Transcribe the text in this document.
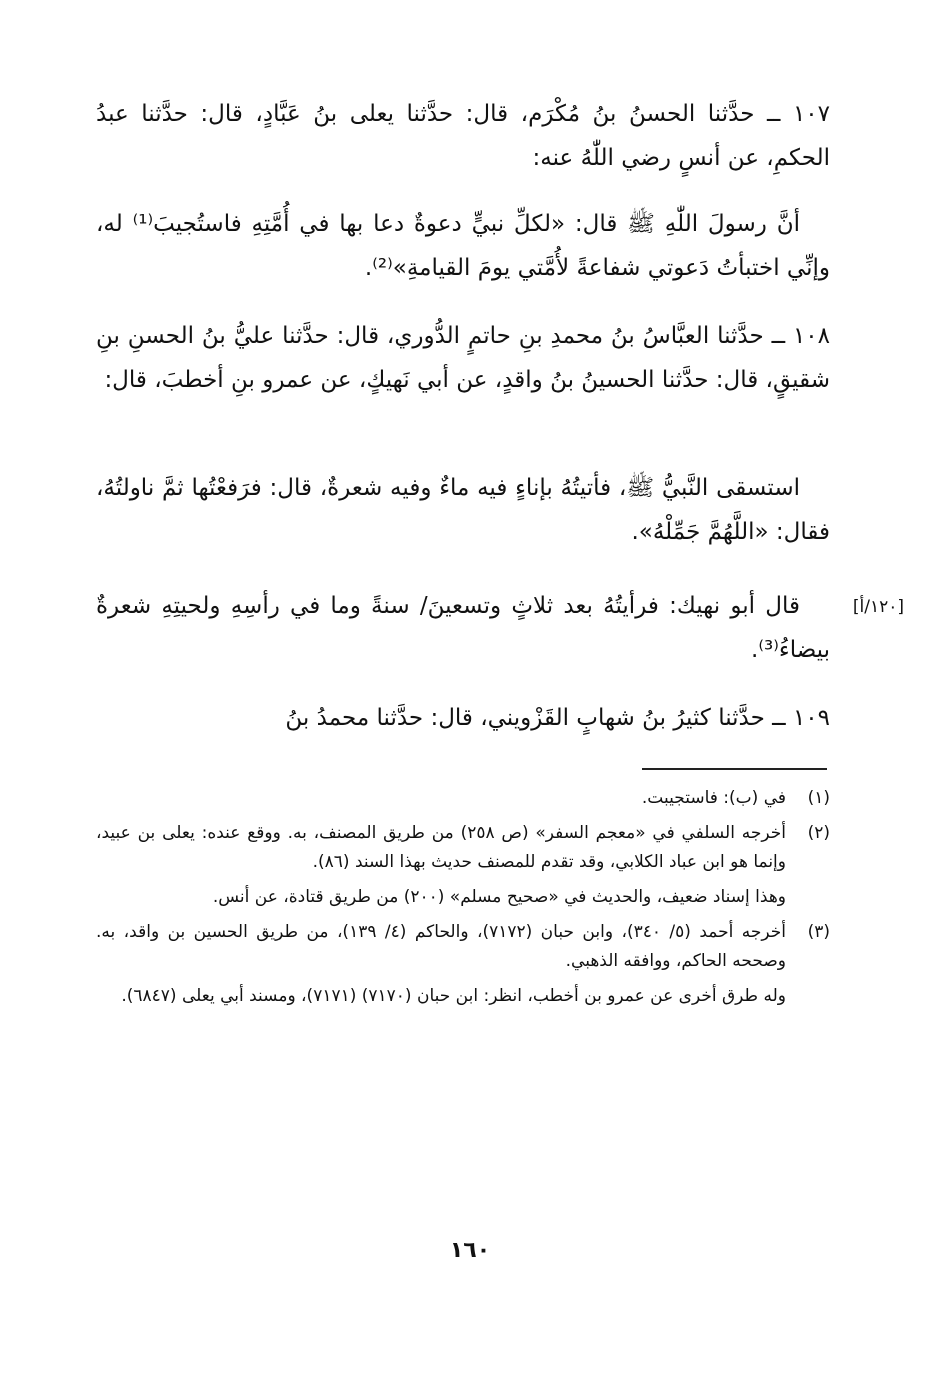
١٠٧ ــ حدَّثنا الحسنُ بنُ مُكْرَم، قال: حدَّثنا يعلى بنُ عَبَّادٍ، قال: حدَّثنا عبدُ الحكمِ، عن أنسٍ رضي اللّٰهُ عنه:

أنَّ رسولَ اللّٰهِ ﷺ قال: «لكلِّ نبيٍّ دعوةٌ دعا بها في أُمَّتِهِ فاستُجيبَ⁽¹⁾ له، وإنِّي اختبأتُ دَعوتي شفاعةً لأُمَّتي يومَ القيامةِ»⁽²⁾.

١٠٨ ــ حدَّثنا العبَّاسُ بنُ محمدِ بنِ حاتمٍ الدُّوري، قال: حدَّثنا عليُّ بنُ الحسنِ بنِ شقيقٍ، قال: حدَّثنا الحسينُ بنُ واقدٍ، عن أبي نَهيكٍ، عن عمرو بنِ أخطبَ، قال:

استسقى النَّبيُّ ﷺ، فأتيتُهُ بإناءٍ فيه ماءٌ وفيه شعرةٌ، قال: فرَفعْتُها ثمَّ ناولتُهُ، فقال: «اللَّهُمَّ جَمِّلْهُ».

[١٢٠/أ]

قال أبو نهيك: فرأيتُهُ بعد ثلاثٍ وتسعينَ/ سنةً وما في رأسِهِ ولحيتِهِ شعرةٌ بيضاءُ⁽³⁾.

١٠٩ ــ حدَّثنا كثيرُ بنُ شهابٍ القَزْويني، قال: حدَّثنا محمدُ بنُ

(١)

في (ب): فاستجيبت.

(٢)

أخرجه السلفي في «معجم السفر» (ص ٢٥٨) من طريق المصنف، به. ووقع عنده: يعلى بن عبيد، وإنما هو ابن عباد الكلابي، وقد تقدم للمصنف حديث بهذا السند (٨٦).

وهذا إسناد ضعيف، والحديث في «صحيح مسلم» (٢٠٠) من طريق قتادة، عن أنس.

(٣)

أخرجه أحمد (٥/ ٣٤٠)، وابن حبان (٧١٧٢)، والحاكم (٤/ ١٣٩)، من طريق الحسين بن واقد، به. وصححه الحاكم، ووافقه الذهبي.

وله طرق أخرى عن عمرو بن أخطب، انظر: ابن حبان (٧١٧٠) (٧١٧١)، ومسند أبي يعلى (٦٨٤٧).

١٦٠
